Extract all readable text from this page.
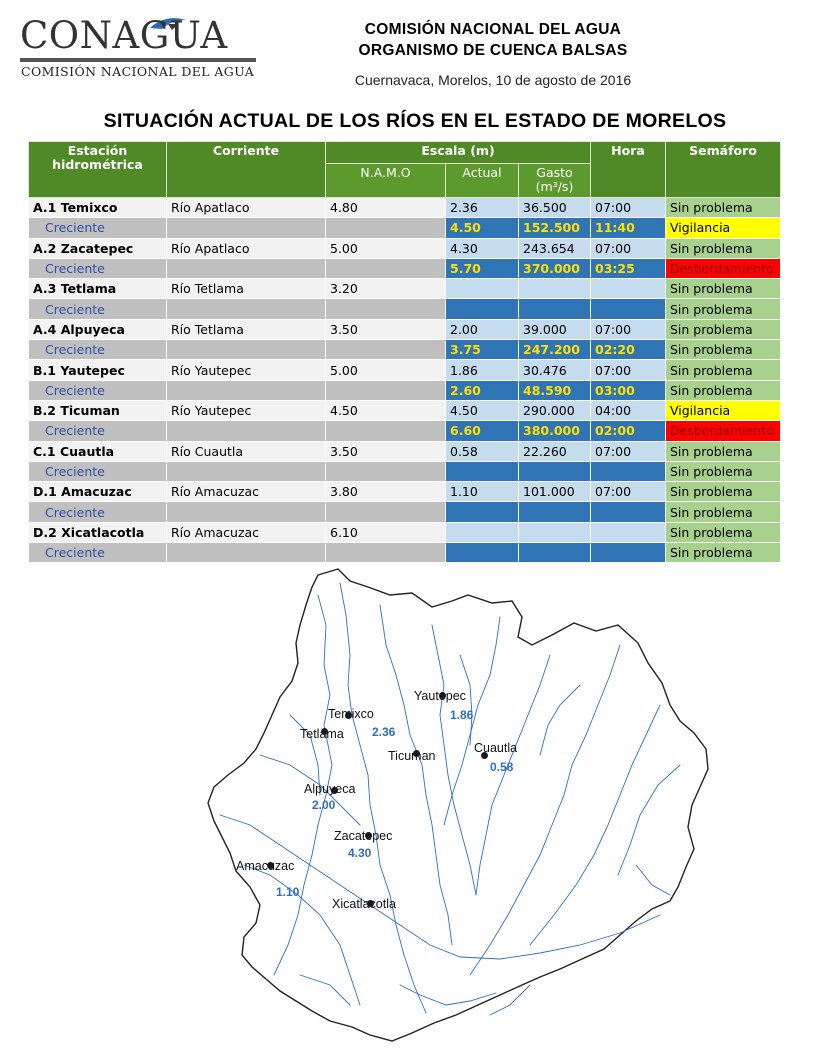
CONAGUA
COMISIÓN NACIONAL DEL AGUA
COMISIÓN NACIONAL DEL AGUA
ORGANISMO DE CUENCA BALSAS
Cuernavaca, Morelos, 10 de agosto de 2016
SITUACIÓN ACTUAL DE LOS RÍOS EN EL ESTADO DE MORELOS
Estación hidrométrica	Corriente	Escala (m)			Hora	Semáforo
		N.A.M.O	Actual	Gasto (m³/s)		
A.1 Temixco	Río Apatlaco	4.80	2.36	36.500	07:00	Sin problema
Creciente			4.50	152.500	11:40	Vigilancia
A.2 Zacatepec	Río Apatlaco	5.00	4.30	243.654	07:00	Sin problema
Creciente			5.70	370.000	03:25	Desbordamiento
A.3 Tetlama	Río Tetlama	3.20				Sin problema
Creciente						Sin problema
A.4 Alpuyeca	Río Tetlama	3.50	2.00	39.000	07:00	Sin problema
Creciente			3.75	247.200	02:20	Sin problema
B.1 Yautepec	Río Yautepec	5.00	1.86	30.476	07:00	Sin problema
Creciente			2.60	48.590	03:00	Sin problema
B.2 Ticuman	Río Yautepec	4.50	4.50	290.000	04:00	Vigilancia
Creciente			6.60	380.000	02:00	Desbordamiento
C.1 Cuautla	Río Cuautla	3.50	0.58	22.260	07:00	Sin problema
Creciente						Sin problema
D.1 Amacuzac	Río Amacuzac	3.80	1.10	101.000	07:00	Sin problema
Creciente						Sin problema
D.2 Xicatlacotla	Río Amacuzac	6.10				Sin problema
Creciente						Sin problema
Temixco
2.36
Tetlama
Yautepec
1.86
Ticuman
Cuautla
0.58
Alpuyeca
2.00
Zacatepec
4.30
Amacuzac
1.10
Xicatlacotla
